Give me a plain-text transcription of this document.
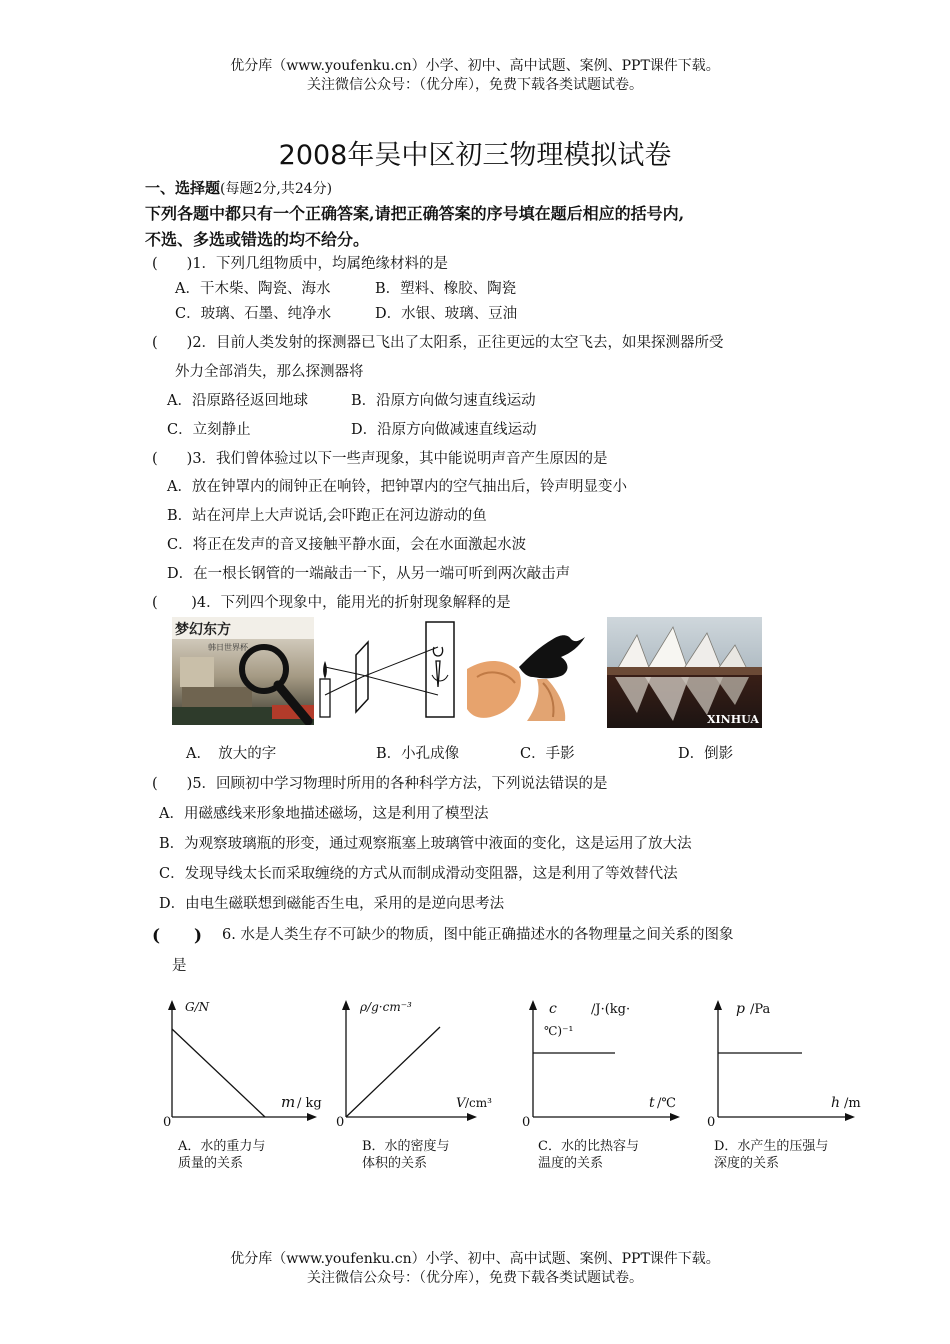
优分库（www.youfenku.cn）小学、初中、高中试题、案例、PPT课件下载。
关注微信公众号：（优分库），免费下载各类试题试卷。
2008年吴中区初三物理模拟试卷
一、选择题(每题2分,共24分)
下列各题中都只有一个正确答案,请把正确答案的序号填在题后相应的括号内,
不选、多选或错选的均不给分。
(　　)1．下列几组物质中，均属绝缘材料的是
A．干木柴、陶瓷、海水	B．塑料、橡胶、陶瓷
C．玻璃、石墨、纯净水	D．水银、玻璃、豆油
(　　)2．目前人类发射的探测器已飞出了太阳系，正往更远的太空飞去，如果探测器所受
外力全部消失，那么探测器将
A．沿原路径返回地球	B．沿原方向做匀速直线运动
C．立刻静止	D．沿原方向做减速直线运动
(　　)3．我们曾体验过以下一些声现象，其中能说明声音产生原因的是
A．放在钟罩内的闹钟正在响铃，把钟罩内的空气抽出后，铃声明显变小
B．站在河岸上大声说话,会吓跑正在河边游动的鱼
C．将正在发声的音叉接触平静水面，会在水面激起水波
D．在一根长钢管的一端敲击一下，从另一端可听到两次敲击声
(　　 )4．下列四个现象中，能用光的折射现象解释的是
梦幻东方
韩日世界杯
XINHUA
A．　放大的字	B．小孔成像	C．手影	D．倒影
(　　)5．回顾初中学习物理时所用的各种科学方法，下列说法错误的是
A．用磁感线来形象地描述磁场，这是利用了模型法
B．为观察玻璃瓶的形变，通过观察瓶塞上玻璃管中液面的变化，这是运用了放大法
C．发现导线太长而采取缠绕的方式从而制成滑动变阻器，这是利用了等效替代法
D．由电生磁联想到磁能否生电，采用的是逆向思考法
(　　) 6. 水是人类生存不可缺少的物质，图中能正确描述水的各物理量之间关系的图象
是
G/N
m / kg
0
A．水的重力与质量的关系
ρ/g·cm⁻³
V /cm³
0
B．水的密度与体积的关系
c	/J·(kg·
℃)⁻¹
t /℃
0
C．水的比热容与温度的关系
p /Pa
h /m
0
D．水产生的压强与深度的关系
优分库（www.youfenku.cn）小学、初中、高中试题、案例、PPT课件下载。
关注微信公众号：（优分库），免费下载各类试题试卷。
